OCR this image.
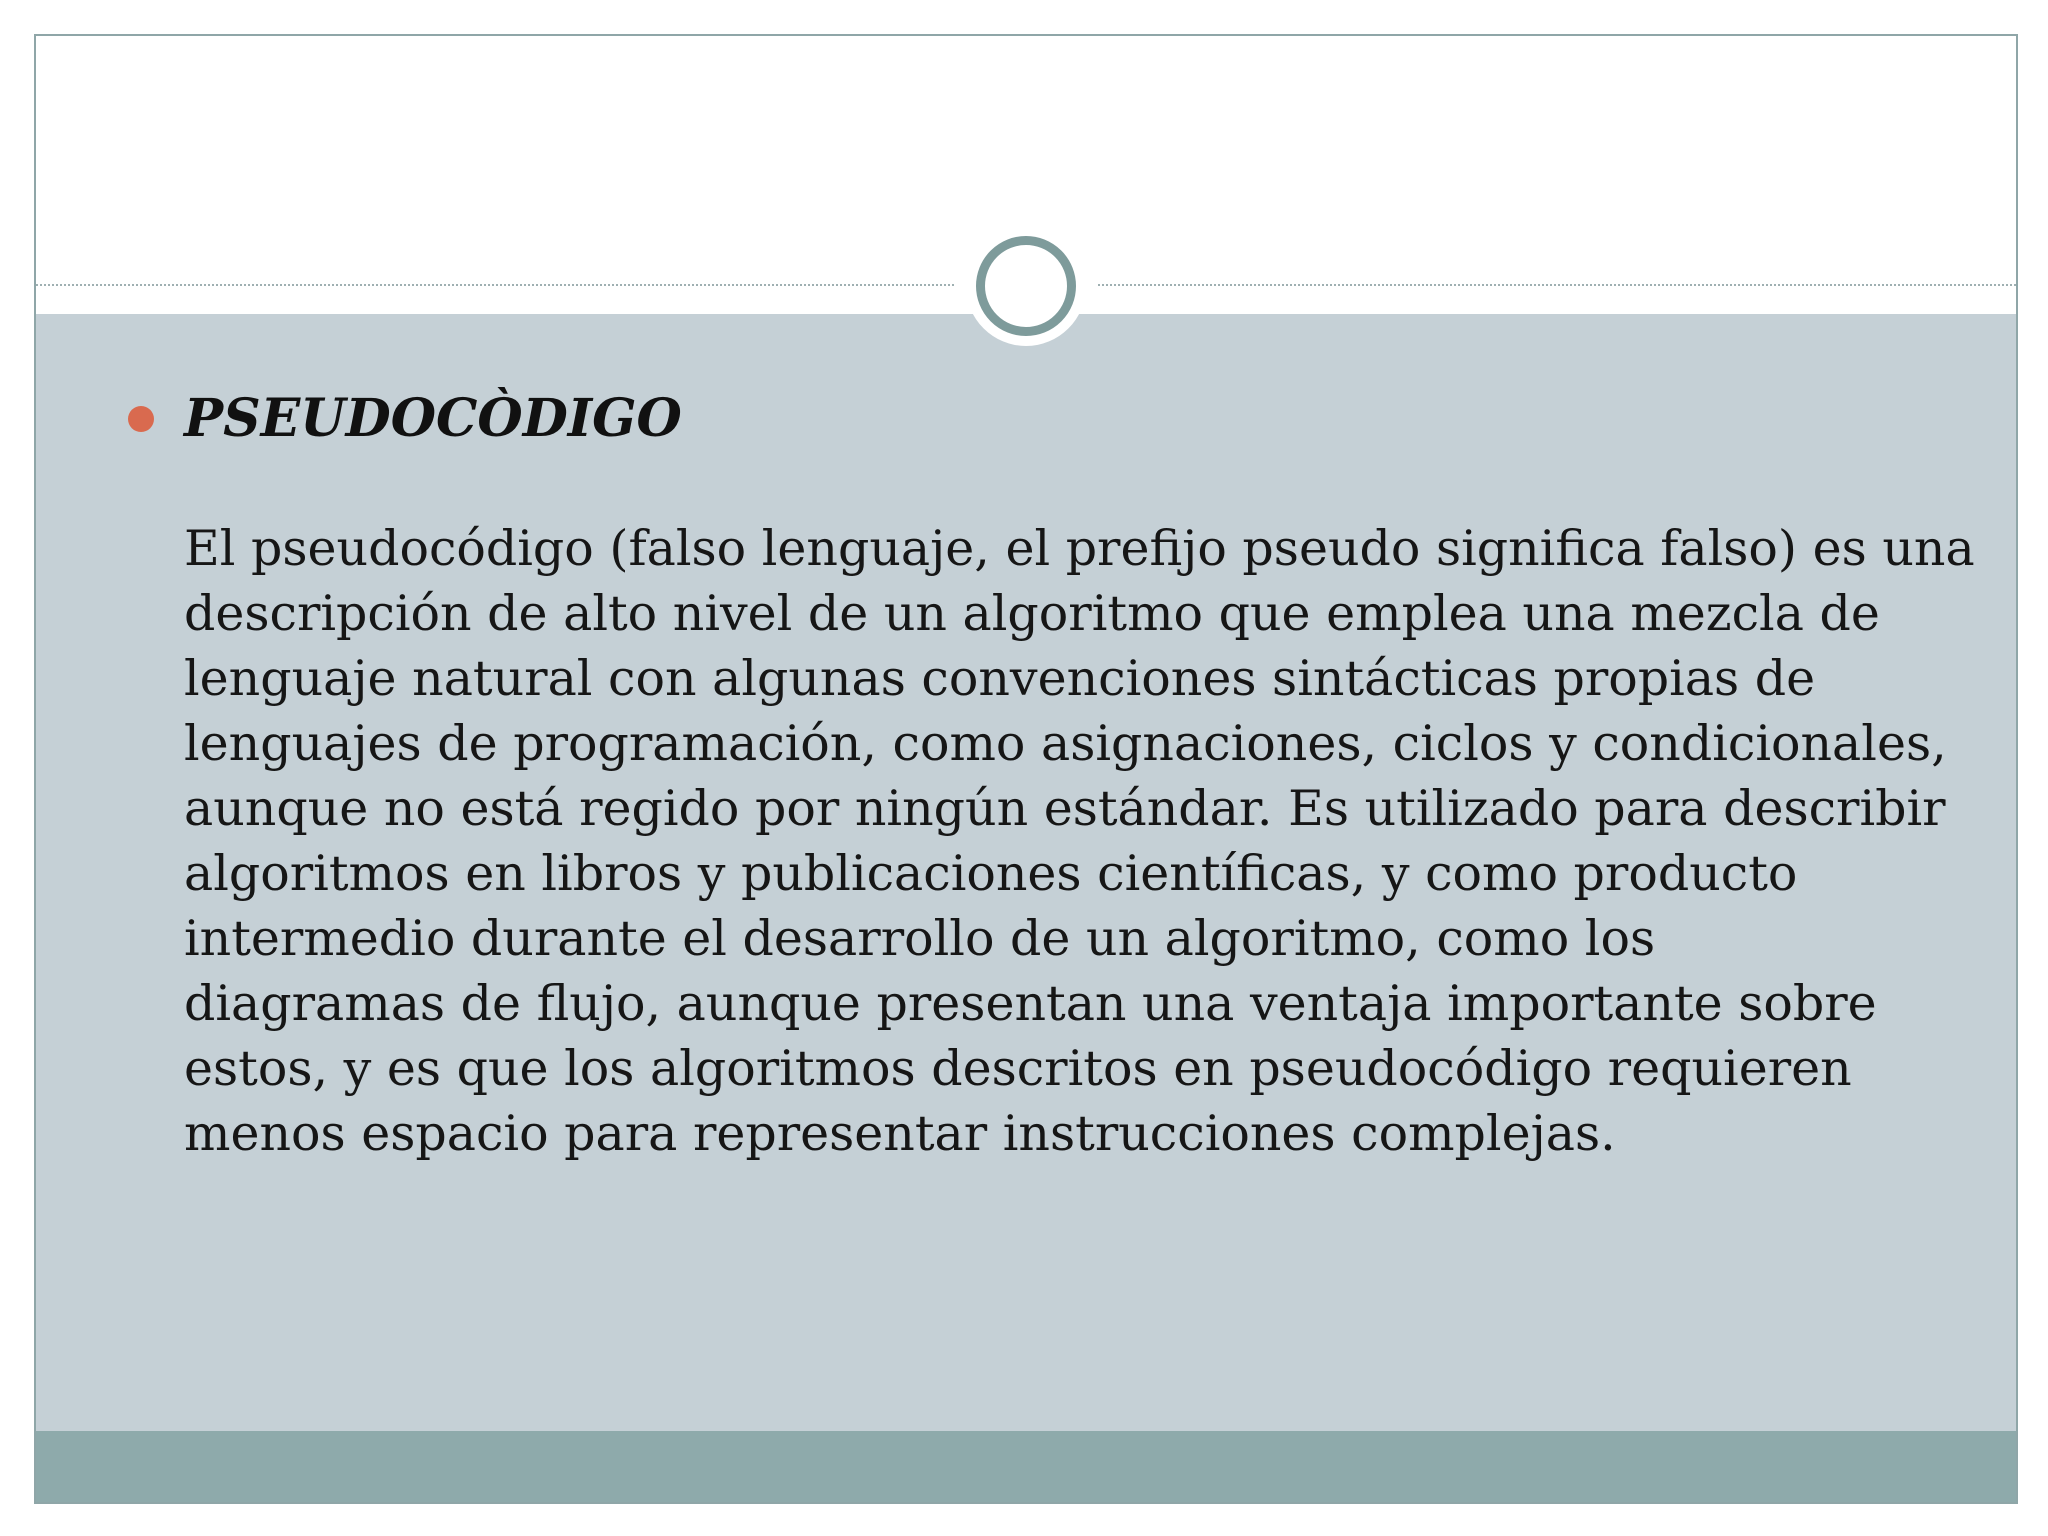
PSEUDOCÒDIGO
El pseudocódigo (falso lenguaje, el prefijo pseudo significa falso) es una
descripción de alto nivel de un algoritmo que emplea una mezcla de
lenguaje natural con algunas convenciones sintácticas propias de
lenguajes de programación, como asignaciones, ciclos y condicionales,
aunque no está regido por ningún estándar. Es utilizado para describir
algoritmos en libros y publicaciones científicas, y como producto
intermedio durante el desarrollo de un algoritmo, como los
diagramas de flujo, aunque presentan una ventaja importante sobre
estos, y es que los algoritmos descritos en pseudocódigo requieren
menos espacio para representar instrucciones complejas.
